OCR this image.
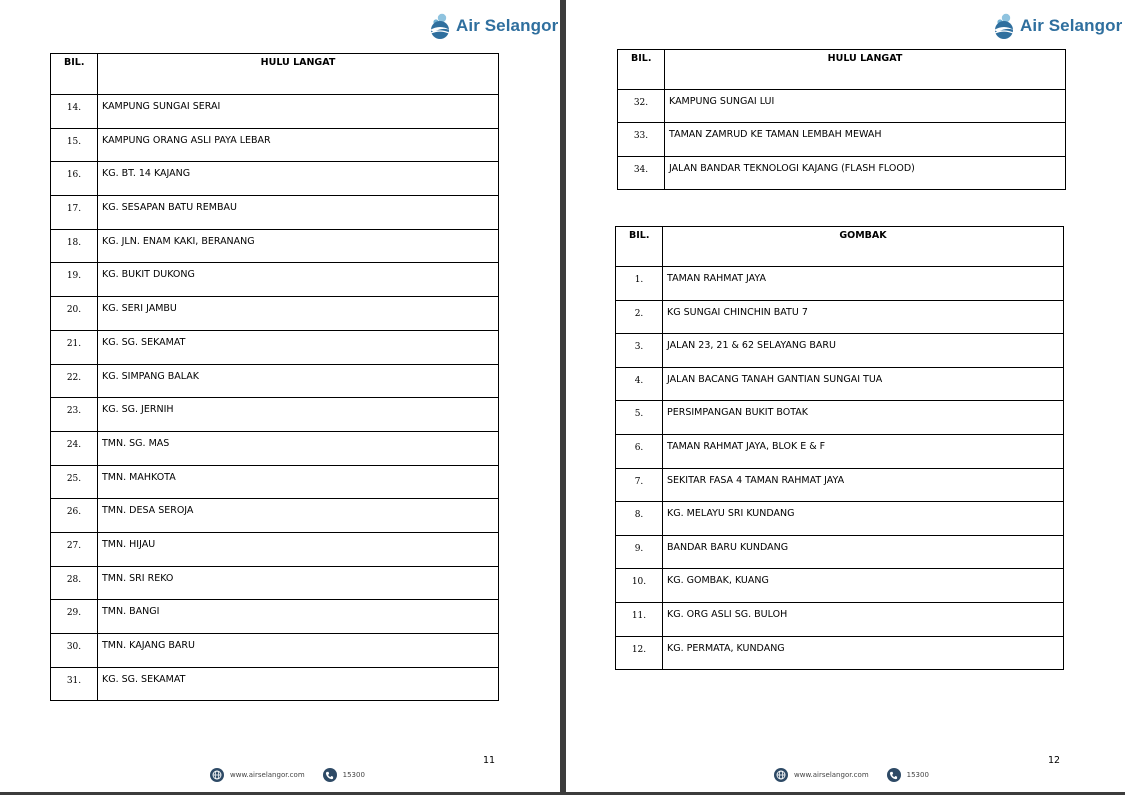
Air Selangor
BIL.	HULU LANGAT
14.	KAMPUNG SUNGAI SERAI
15.	KAMPUNG ORANG ASLI PAYA LEBAR
16.	KG. BT. 14 KAJANG
17.	KG. SESAPAN BATU REMBAU
18.	KG. JLN. ENAM KAKI, BERANANG
19.	KG. BUKIT DUKONG
20.	KG. SERI JAMBU
21.	KG. SG. SEKAMAT
22.	KG. SIMPANG BALAK
23.	KG. SG. JERNIH
24.	TMN. SG. MAS
25.	TMN. MAHKOTA
26.	TMN. DESA SEROJA
27.	TMN. HIJAU
28.	TMN. SRI REKO
29.	TMN. BANGI
30.	TMN. KAJANG BARU
31.	KG. SG. SEKAMAT
11
www.airselangor.com	15300
Air Selangor
BIL.	HULU LANGAT
32.	KAMPUNG SUNGAI LUI
33.	TAMAN ZAMRUD KE TAMAN LEMBAH MEWAH
34.	JALAN BANDAR TEKNOLOGI KAJANG (FLASH FLOOD)
BIL.	GOMBAK
1.	TAMAN RAHMAT JAYA
2.	KG SUNGAI CHINCHIN BATU 7
3.	JALAN 23, 21 & 62 SELAYANG BARU
4.	JALAN BACANG TANAH GANTIAN SUNGAI TUA
5.	PERSIMPANGAN BUKIT BOTAK
6.	TAMAN RAHMAT JAYA, BLOK E & F
7.	SEKITAR FASA 4 TAMAN RAHMAT JAYA
8.	KG. MELAYU SRI KUNDANG
9.	BANDAR BARU KUNDANG
10.	KG. GOMBAK, KUANG
11.	KG. ORG ASLI SG. BULOH
12.	KG. PERMATA, KUNDANG
12
www.airselangor.com	15300
